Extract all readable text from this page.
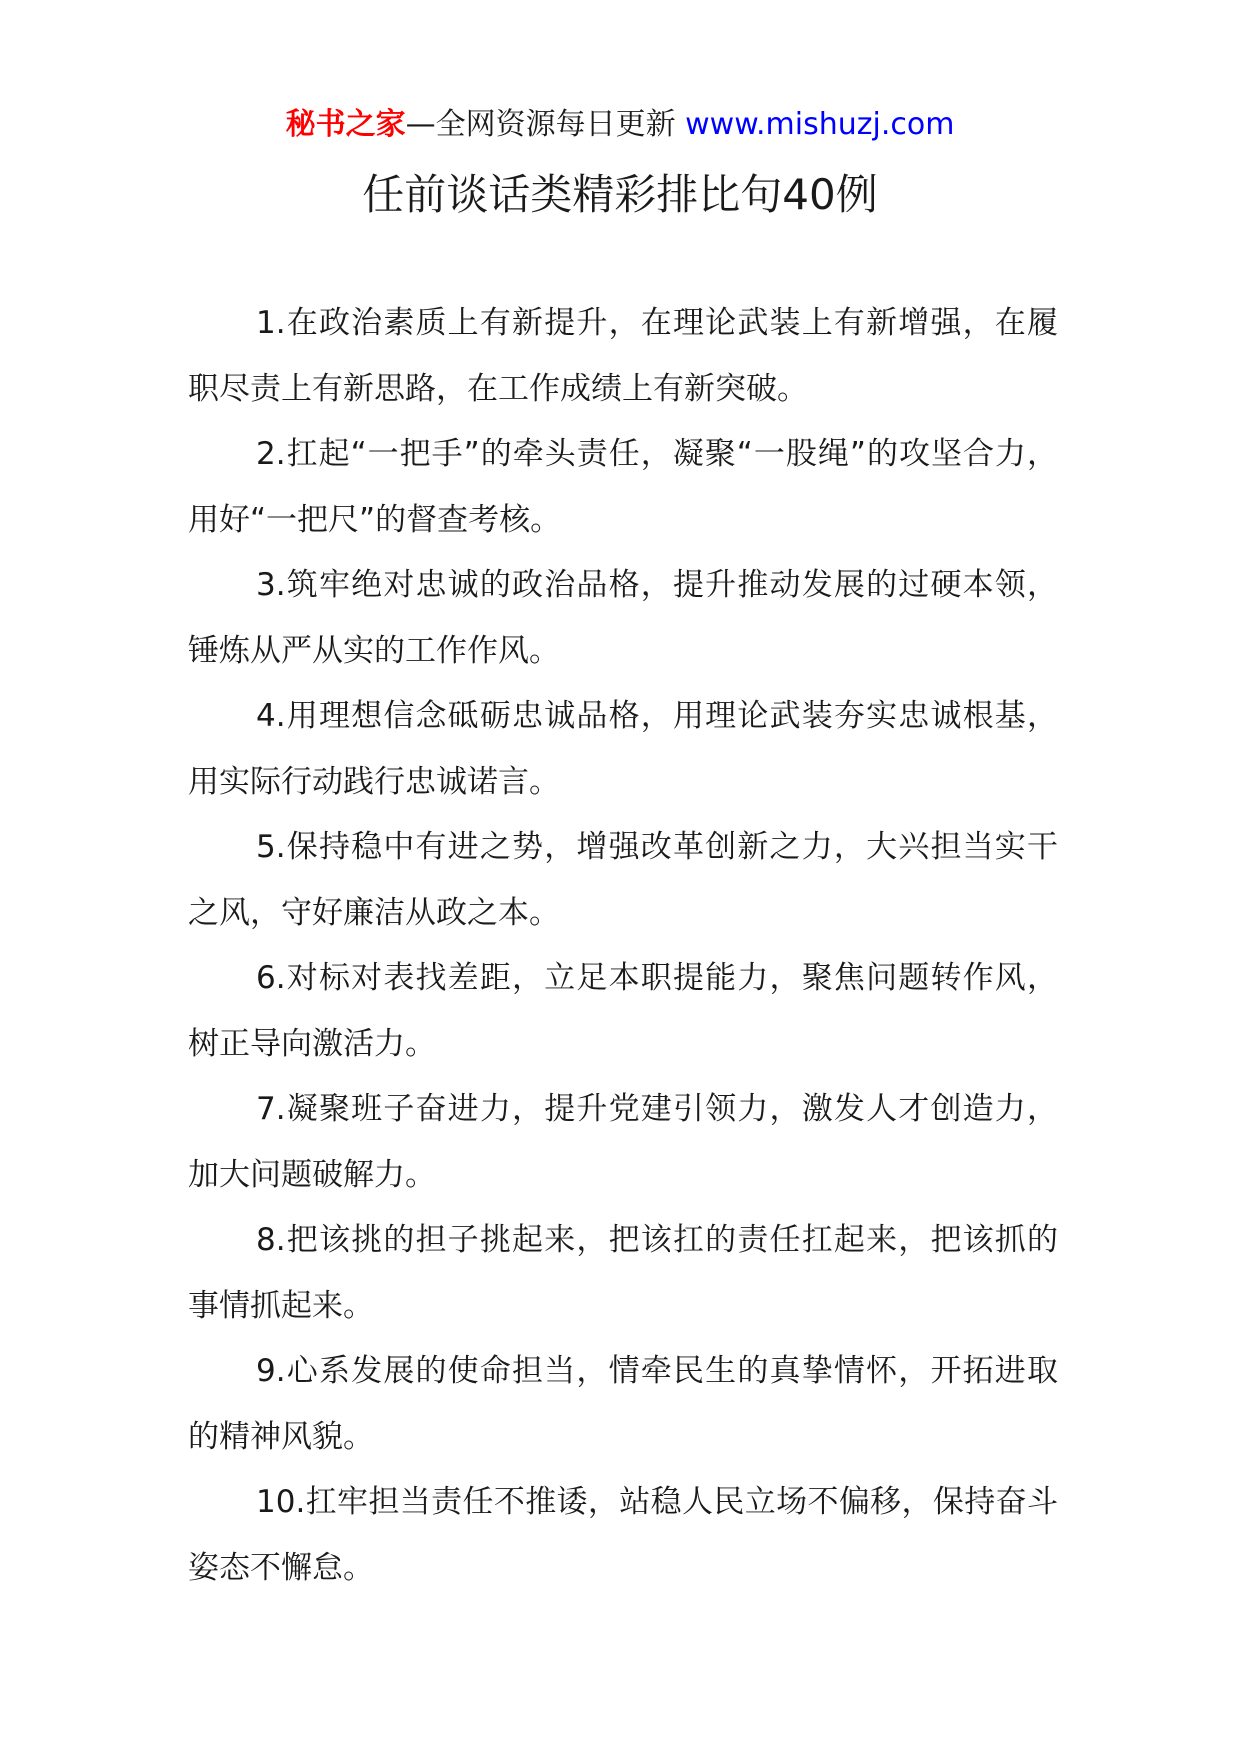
秘书之家—全网资源每日更新 www.mishuzj.com
任前谈话类精彩排比句40例

1.在政治素质上有新提升，在理论武装上有新增强，在履职尽责上有新思路，在工作成绩上有新突破。

2.扛起“一把手”的牵头责任，凝聚“一股绳”的攻坚合力，用好“一把尺”的督查考核。

3.筑牢绝对忠诚的政治品格，提升推动发展的过硬本领，锤炼从严从实的工作作风。

4.用理想信念砥砺忠诚品格，用理论武装夯实忠诚根基，用实际行动践行忠诚诺言。

5.保持稳中有进之势，增强改革创新之力，大兴担当实干之风，守好廉洁从政之本。

6.对标对表找差距，立足本职提能力，聚焦问题转作风，树正导向激活力。

7.凝聚班子奋进力，提升党建引领力，激发人才创造力，加大问题破解力。

8.把该挑的担子挑起来，把该扛的责任扛起来，把该抓的事情抓起来。

9.心系发展的使命担当，情牵民生的真挚情怀，开拓进取的精神风貌。

10.扛牢担当责任不推诿，站稳人民立场不偏移，保持奋斗姿态不懈怠。
